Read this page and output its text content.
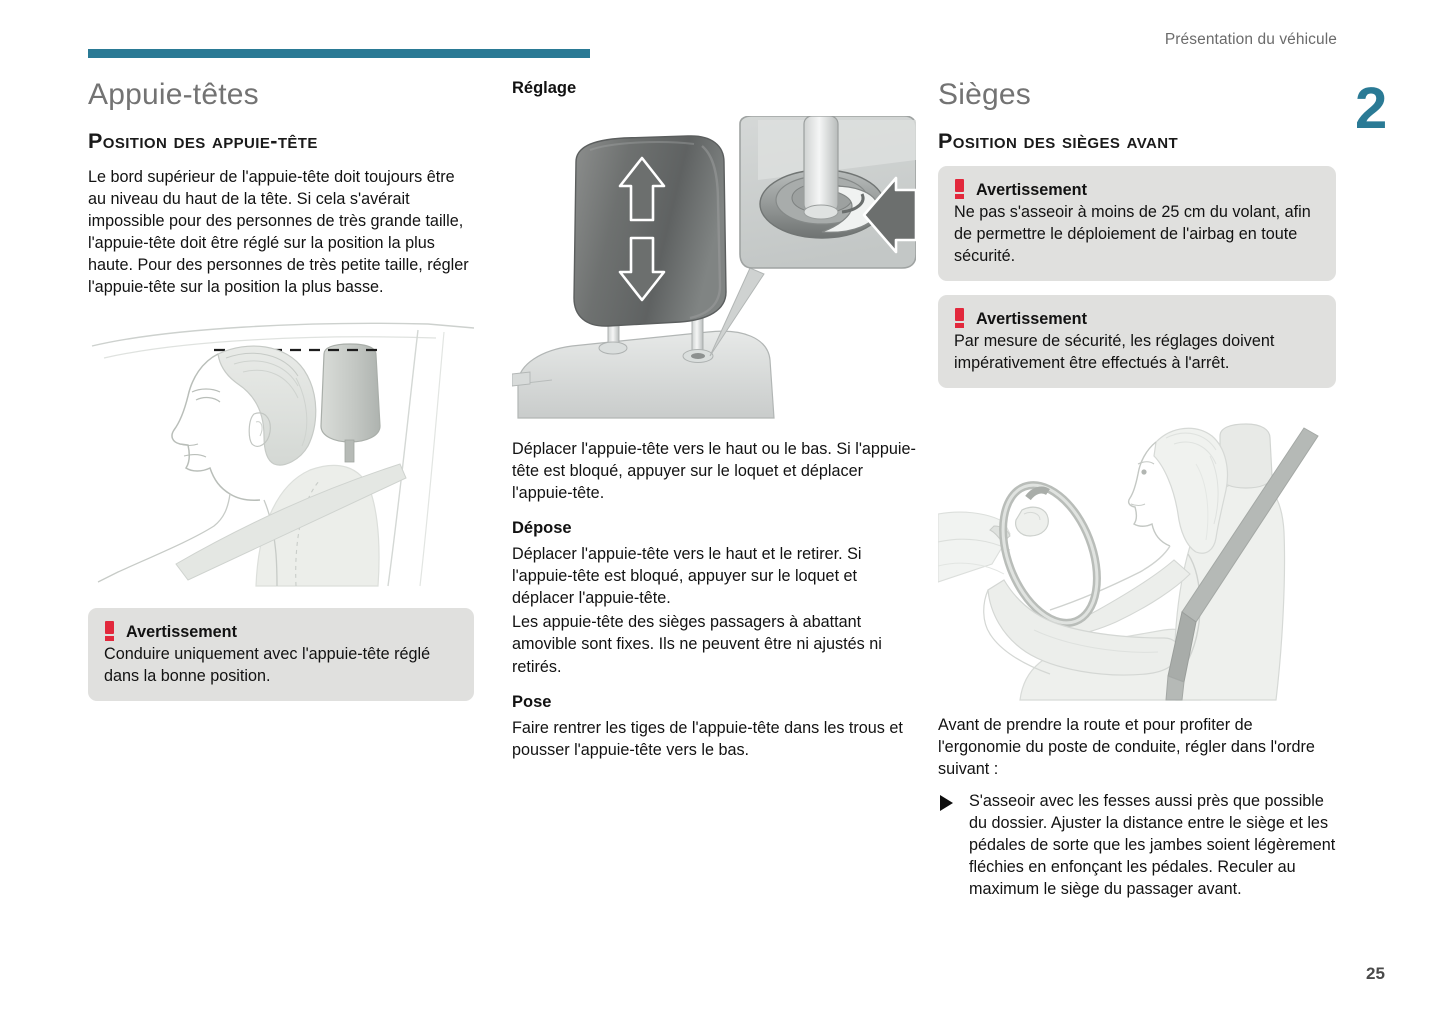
Présentation du véhicule
2
25
Appuie-têtes
Position des appuie-tête

Le bord supérieur de l'appuie-tête doit toujours être au niveau du haut de la tête. Si cela s'avérait impossible pour des personnes de très grande taille, l'appuie-tête doit être réglé sur la position la plus haute. Pour des personnes de très petite taille, régler l'appuie-tête sur la position la plus basse.

Avertissement
Conduire uniquement avec l'appuie-tête réglé dans la bonne position.
Réglage

Déplacer l'appuie-tête vers le haut ou le bas. Si l'appuie-tête est bloqué, appuyer sur le loquet et déplacer l'appuie-tête.

Dépose

Déplacer l'appuie-tête vers le haut et le retirer. Si l'appuie-tête est bloqué, appuyer sur le loquet et déplacer l'appuie-tête.

Les appuie-tête des sièges passagers à abattant amovible sont fixes. Ils ne peuvent être ni ajustés ni retirés.

Pose

Faire rentrer les tiges de l'appuie-tête dans les trous et pousser l'appuie-tête vers le bas.

Sièges
Position des sièges avant
Avertissement
Ne pas s'asseoir à moins de 25 cm du volant, afin de permettre le déploiement de l'airbag en toute sécurité.
Avertissement
Par mesure de sécurité, les réglages doivent impérativement être effectués à l'arrêt.

Avant de prendre la route et pour profiter de l'ergonomie du poste de conduite, régler dans l'ordre suivant :

S'asseoir avec les fesses aussi près que possible du dossier. Ajuster la distance entre le siège et les pédales de sorte que les jambes soient légèrement fléchies en enfonçant les pédales. Reculer au maximum le siège du passager avant.
